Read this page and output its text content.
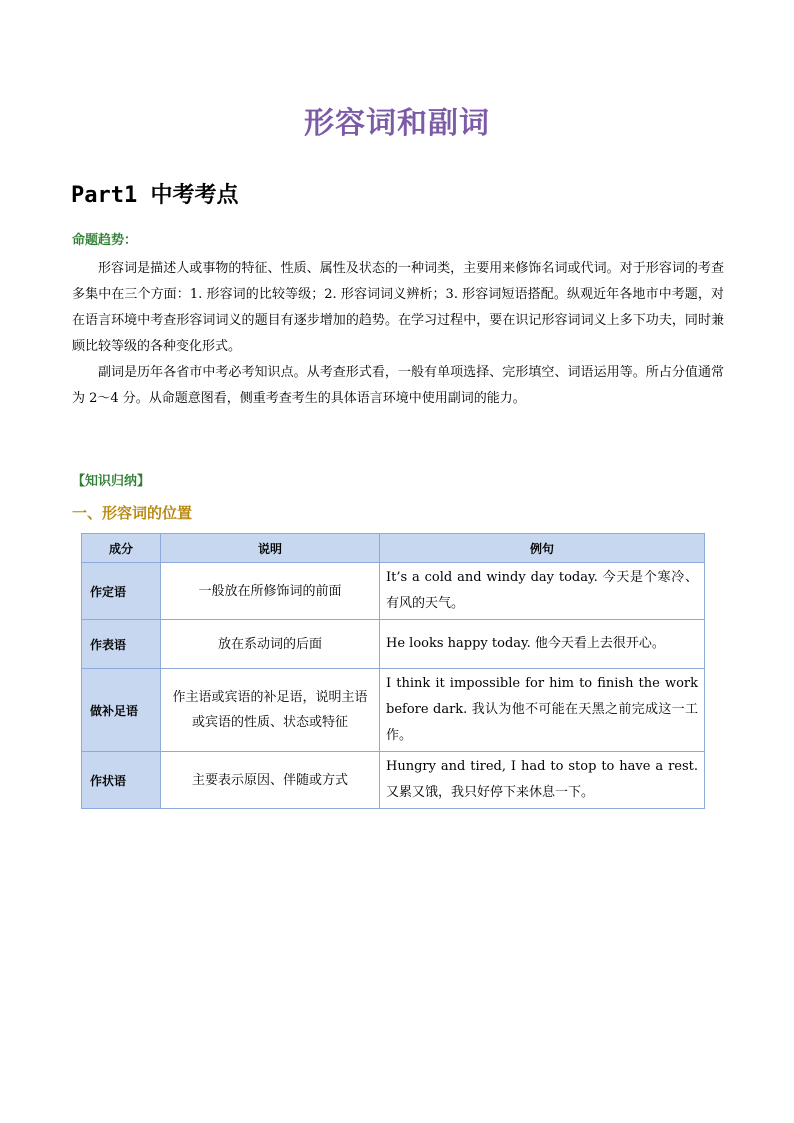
形容词和副词
Part1 中考考点
命题趋势：

形容词是描述人或事物的特征、性质、属性及状态的一种词类，主要用来修饰名词或代词。对于形容词的考查多集中在三个方面：1. 形容词的比较等级；2. 形容词词义辨析；3. 形容词短语搭配。纵观近年各地市中考题，对在语言环境中考查形容词词义的题目有逐步增加的趋势。在学习过程中，要在识记形容词词义上多下功夫，同时兼顾比较等级的各种变化形式。

副词是历年各省市中考必考知识点。从考查形式看，一般有单项选择、完形填空、词语运用等。所占分值通常为 2～4 分。从命题意图看，侧重考查考生的具体语言环境中使用副词的能力。

【知识归纳】
一、形容词的位置
成分	说明	例句
作定语	一般放在所修饰词的前面	It’s a cold and windy day today. 今天是个寒冷、有风的天气。
作表语	放在系动词的后面	He looks happy today. 他今天看上去很开心。
做补足语	作主语或宾语的补足语，说明主语或宾语的性质、状态或特征	I think it impossible for him to finish the work before dark. 我认为他不可能在天黑之前完成这一工作。
作状语	主要表示原因、伴随或方式	Hungry and tired, I had to stop to have a rest. 又累又饿，我只好停下来休息一下。
